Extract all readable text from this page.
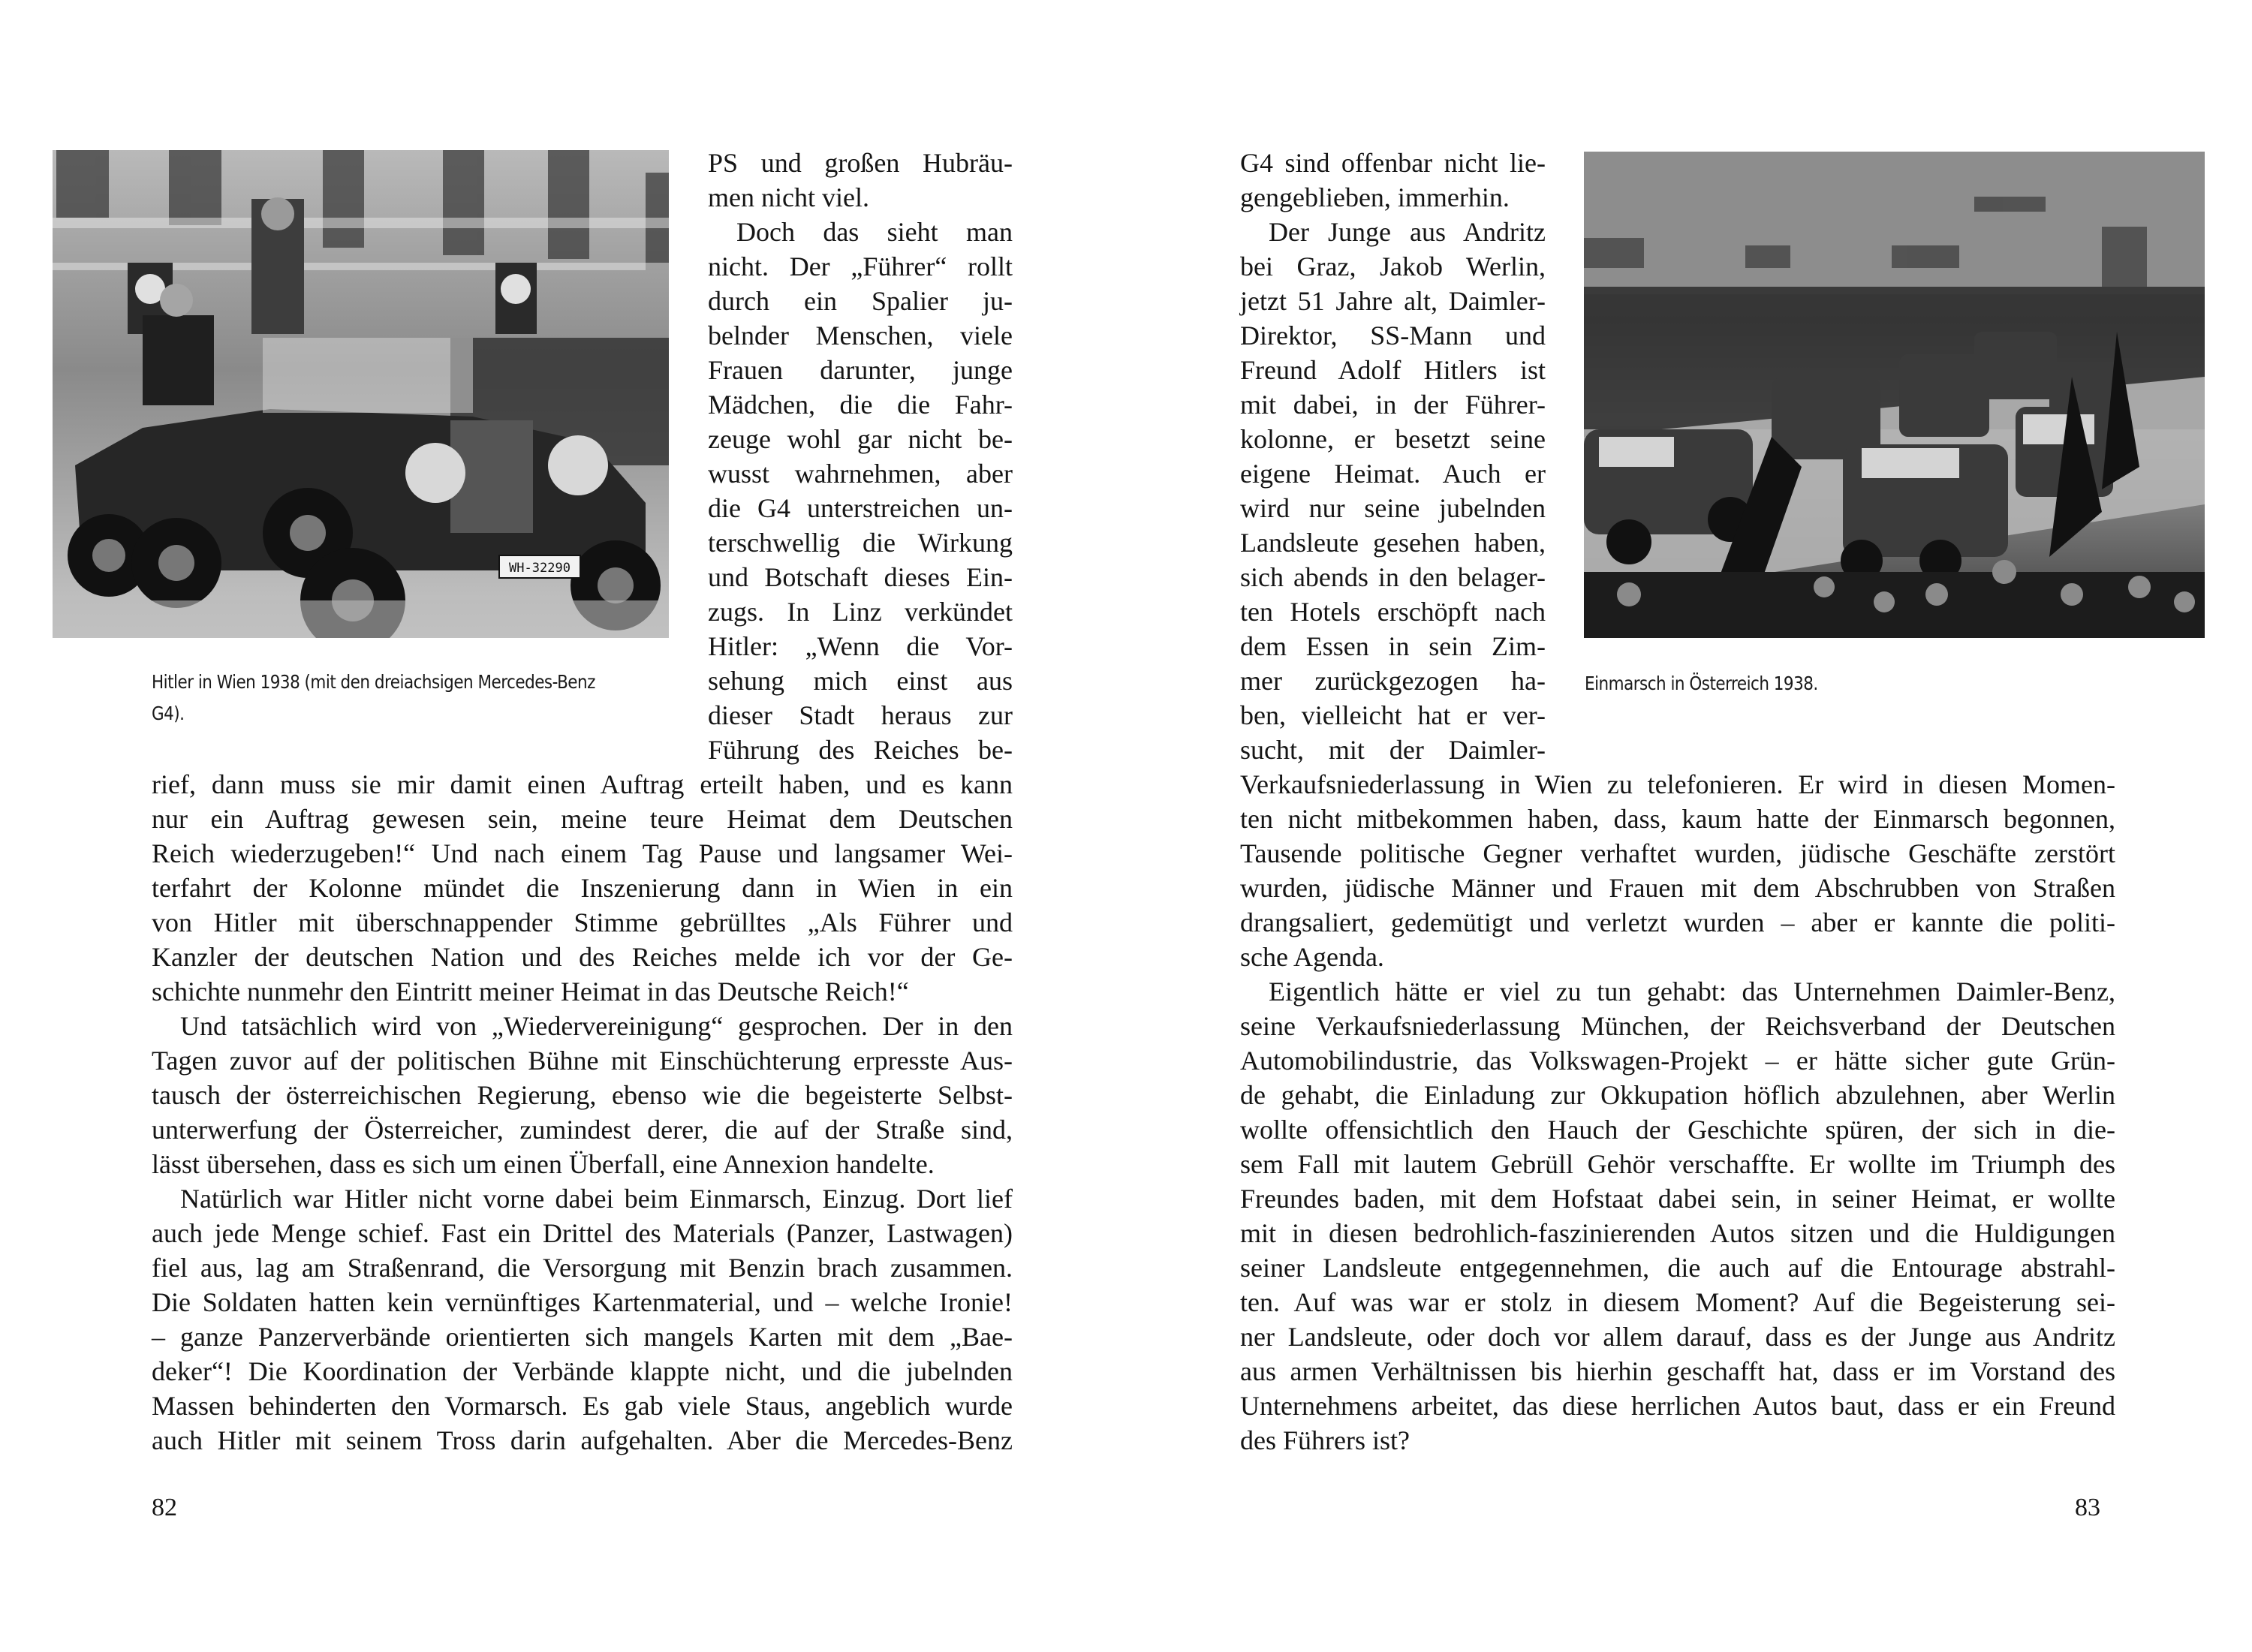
WH-32290
Hitler in Wien 1938 (mit den dreiachsigen Mercedes-Benz
G4).
PS und großen Hubräu-
men nicht viel.
Doch das sieht man
nicht. Der „Führer“ rollt
durch ein Spalier ju-
belnder Menschen, viele
Frauen darunter, junge
Mädchen, die die Fahr-
zeuge wohl gar nicht be-
wusst wahrnehmen, aber
die G4 unterstreichen un-
terschwellig die Wirkung
und Botschaft dieses Ein-
zugs. In Linz verkündet
Hitler: „Wenn die Vor-
sehung mich einst aus
dieser Stadt heraus zur
Führung des Reiches be-
rief, dann muss sie mir damit einen Auftrag erteilt haben, und es kann
nur ein Auftrag gewesen sein, meine teure Heimat dem Deutschen
Reich wiederzugeben!“ Und nach einem Tag Pause und langsamer Wei-
terfahrt der Kolonne mündet die Inszenierung dann in Wien in ein
von Hitler mit überschnappender Stimme gebrülltes „Als Führer und
Kanzler der deutschen Nation und des Reiches melde ich vor der Ge-
schichte nunmehr den Eintritt meiner Heimat in das Deutsche Reich!“
Und tatsächlich wird von „Wiedervereinigung“ gesprochen. Der in den
Tagen zuvor auf der politischen Bühne mit Einschüchterung erpresste Aus-
tausch der österreichischen Regierung, ebenso wie die begeisterte Selbst-
unterwerfung der Österreicher, zumindest derer, die auf der Straße sind,
lässt übersehen, dass es sich um einen Überfall, eine Annexion handelte.
Natürlich war Hitler nicht vorne dabei beim Einmarsch, Einzug. Dort lief
auch jede Menge schief. Fast ein Drittel des Materials (Panzer, Lastwagen)
fiel aus, lag am Straßenrand, die Versorgung mit Benzin brach zusammen.
Die Soldaten hatten kein vernünftiges Kartenmaterial, und – welche Ironie!
– ganze Panzerverbände orientierten sich mangels Karten mit dem „Bae-
deker“! Die Koordination der Verbände klappte nicht, und die jubelnden
Massen behinderten den Vormarsch. Es gab viele Staus, angeblich wurde
auch Hitler mit seinem Tross darin aufgehalten. Aber die Mercedes-Benz
82
Einmarsch in Österreich 1938.
G4 sind offenbar nicht lie-
gengeblieben, immerhin.
Der Junge aus Andritz
bei Graz, Jakob Werlin,
jetzt 51 Jahre alt, Daimler-
Direktor, SS-Mann und
Freund Adolf Hitlers ist
mit dabei, in der Führer-
kolonne, er besetzt seine
eigene Heimat. Auch er
wird nur seine jubelnden
Landsleute gesehen haben,
sich abends in den belager-
ten Hotels erschöpft nach
dem Essen in sein Zim-
mer zurückgezogen ha-
ben, vielleicht hat er ver-
sucht, mit der Daimler-
Verkaufsniederlassung in Wien zu telefonieren. Er wird in diesen Momen-
ten nicht mitbekommen haben, dass, kaum hatte der Einmarsch begonnen,
Tausende politische Gegner verhaftet wurden, jüdische Geschäfte zerstört
wurden, jüdische Männer und Frauen mit dem Abschrubben von Straßen
drangsaliert, gedemütigt und verletzt wurden – aber er kannte die politi-
sche Agenda.
Eigentlich hätte er viel zu tun gehabt: das Unternehmen Daimler-Benz,
seine Verkaufsniederlassung München, der Reichsverband der Deutschen
Automobilindustrie, das Volkswagen-Projekt – er hätte sicher gute Grün-
de gehabt, die Einladung zur Okkupation höflich abzulehnen, aber Werlin
wollte offensichtlich den Hauch der Geschichte spüren, der sich in die-
sem Fall mit lautem Gebrüll Gehör verschaffte. Er wollte im Triumph des
Freundes baden, mit dem Hofstaat dabei sein, in seiner Heimat, er wollte
mit in diesen bedrohlich-faszinierenden Autos sitzen und die Huldigungen
seiner Landsleute entgegennehmen, die auch auf die Entourage abstrahl-
ten. Auf was war er stolz in diesem Moment? Auf die Begeisterung sei-
ner Landsleute, oder doch vor allem darauf, dass es der Junge aus Andritz
aus armen Verhältnissen bis hierhin geschafft hat, dass er im Vorstand des
Unternehmens arbeitet, das diese herrlichen Autos baut, dass er ein Freund
des Führers ist?
83
